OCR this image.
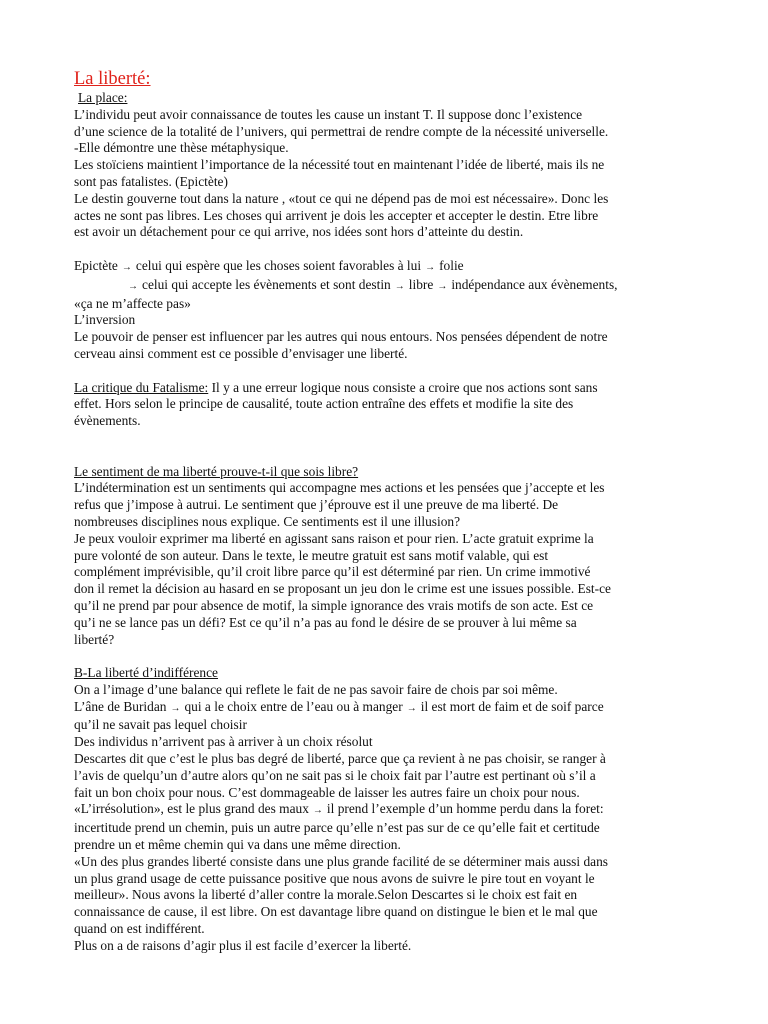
La liberté:
La place:
L’individu peut avoir connaissance de toutes les cause un instant T. Il suppose donc l’existence
d’une science de la totalité de l’univers, qui permettrai de rendre compte de la nécessité universelle.
-Elle démontre une thèse métaphysique.
Les stoïciens maintient l’importance de la nécessité tout en maintenant l’idée de liberté, mais ils ne
sont pas fatalistes. (Epictète)
Le destin gouverne tout dans la nature , «tout ce qui ne dépend pas de moi est nécessaire». Donc les
actes ne sont pas libres. Les choses qui arrivent je dois les accepter et accepter le destin. Etre libre
est avoir un détachement pour ce qui arrive, nos idées sont hors d’atteinte du destin.
Epictète → celui qui espère que les choses soient favorables à lui → folie
→ celui qui accepte les évènements et sont destin → libre → indépendance aux évènements,
«ça ne m’affecte pas»
L’inversion
Le pouvoir de penser est influencer par les autres qui nous entours. Nos pensées dépendent de notre
cerveau ainsi comment est ce possible d’envisager une liberté.
La critique du Fatalisme: Il y a une erreur logique nous consiste a croire que nos actions sont sans
effet. Hors selon le principe de causalité, toute action entraîne des effets et modifie la site des
évènements.
Le sentiment de ma liberté prouve-t-il que sois libre?
L’indétermination est un sentiments qui accompagne mes actions et les pensées que j’accepte et les
refus que j’impose à autrui. Le sentiment que j’éprouve est il une preuve de ma liberté. De
nombreuses disciplines nous explique. Ce sentiments est il une illusion?
Je peux vouloir exprimer ma liberté en agissant sans raison et pour rien. L’acte gratuit exprime la
pure volonté de son auteur. Dans le texte, le meutre gratuit est sans motif valable, qui est
complément imprévisible, qu’il croit libre parce qu’il est déterminé par rien. Un crime immotivé
don il remet la décision au hasard en se proposant un jeu don le crime est une issues possible. Est-ce
qu’il ne prend par pour absence de motif, la simple ignorance des vrais motifs de son acte. Est ce
qu’i ne se lance pas un défi? Est ce qu’il n’a pas au fond le désire de se prouver à lui même sa
liberté?
B-La liberté d’indifférence
On a l’image d’une balance qui reflete le fait de ne pas savoir faire de chois par soi même.
L’âne de Buridan → qui a le choix entre de l’eau ou à manger → il est mort de faim et de soif parce
qu’il ne savait pas lequel choisir
Des individus n’arrivent pas à arriver à un choix résolut
Descartes dit que c’est le plus bas degré de liberté, parce que ça revient à ne pas choisir, se ranger à
l’avis de quelqu’un d’autre alors qu’on ne sait pas si le choix fait par l’autre est pertinant où s’il a
fait un bon choix pour nous. C’est dommageable de laisser les autres faire un choix pour nous.
«L’irrésolution», est le plus grand des maux → il prend l’exemple d’un homme perdu dans la foret:
incertitude prend un chemin, puis un autre parce qu’elle n’est pas sur de ce qu’elle fait et certitude
prendre un et même chemin qui va dans une même direction.
«Un des plus grandes liberté consiste dans une plus grande facilité de se déterminer mais aussi dans
un plus grand usage de cette puissance positive que nous avons de suivre le pire tout en voyant le
meilleur». Nous avons la liberté d’aller contre la morale.Selon Descartes si le choix est fait en
connaissance de cause, il est libre. On est davantage libre quand on distingue le bien et le mal que
quand on est indifférent.
Plus on a de raisons d’agir plus il est facile d’exercer la liberté.
